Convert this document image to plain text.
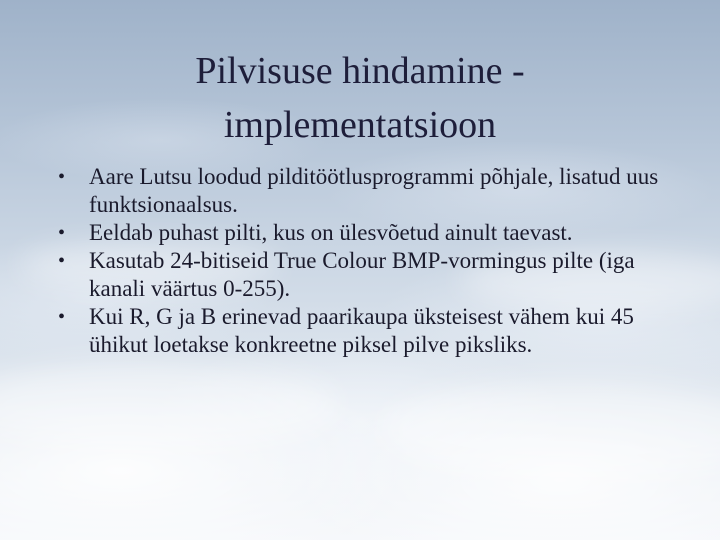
Pilvisuse hindamine -
implementatsioon
• Aare Lutsu loodud pilditöötlusprogrammi põhjale, lisatud uus funktsionaalsus.
• Eeldab puhast pilti, kus on ülesvõetud ainult taevast.
• Kasutab 24-bitiseid True Colour BMP-vormingus pilte (iga kanali väärtus 0-255).
• Kui R, G ja B erinevad paarikaupa üksteisest vähem kui 45 ühikut loetakse konkreetne piksel pilve piksliks.
